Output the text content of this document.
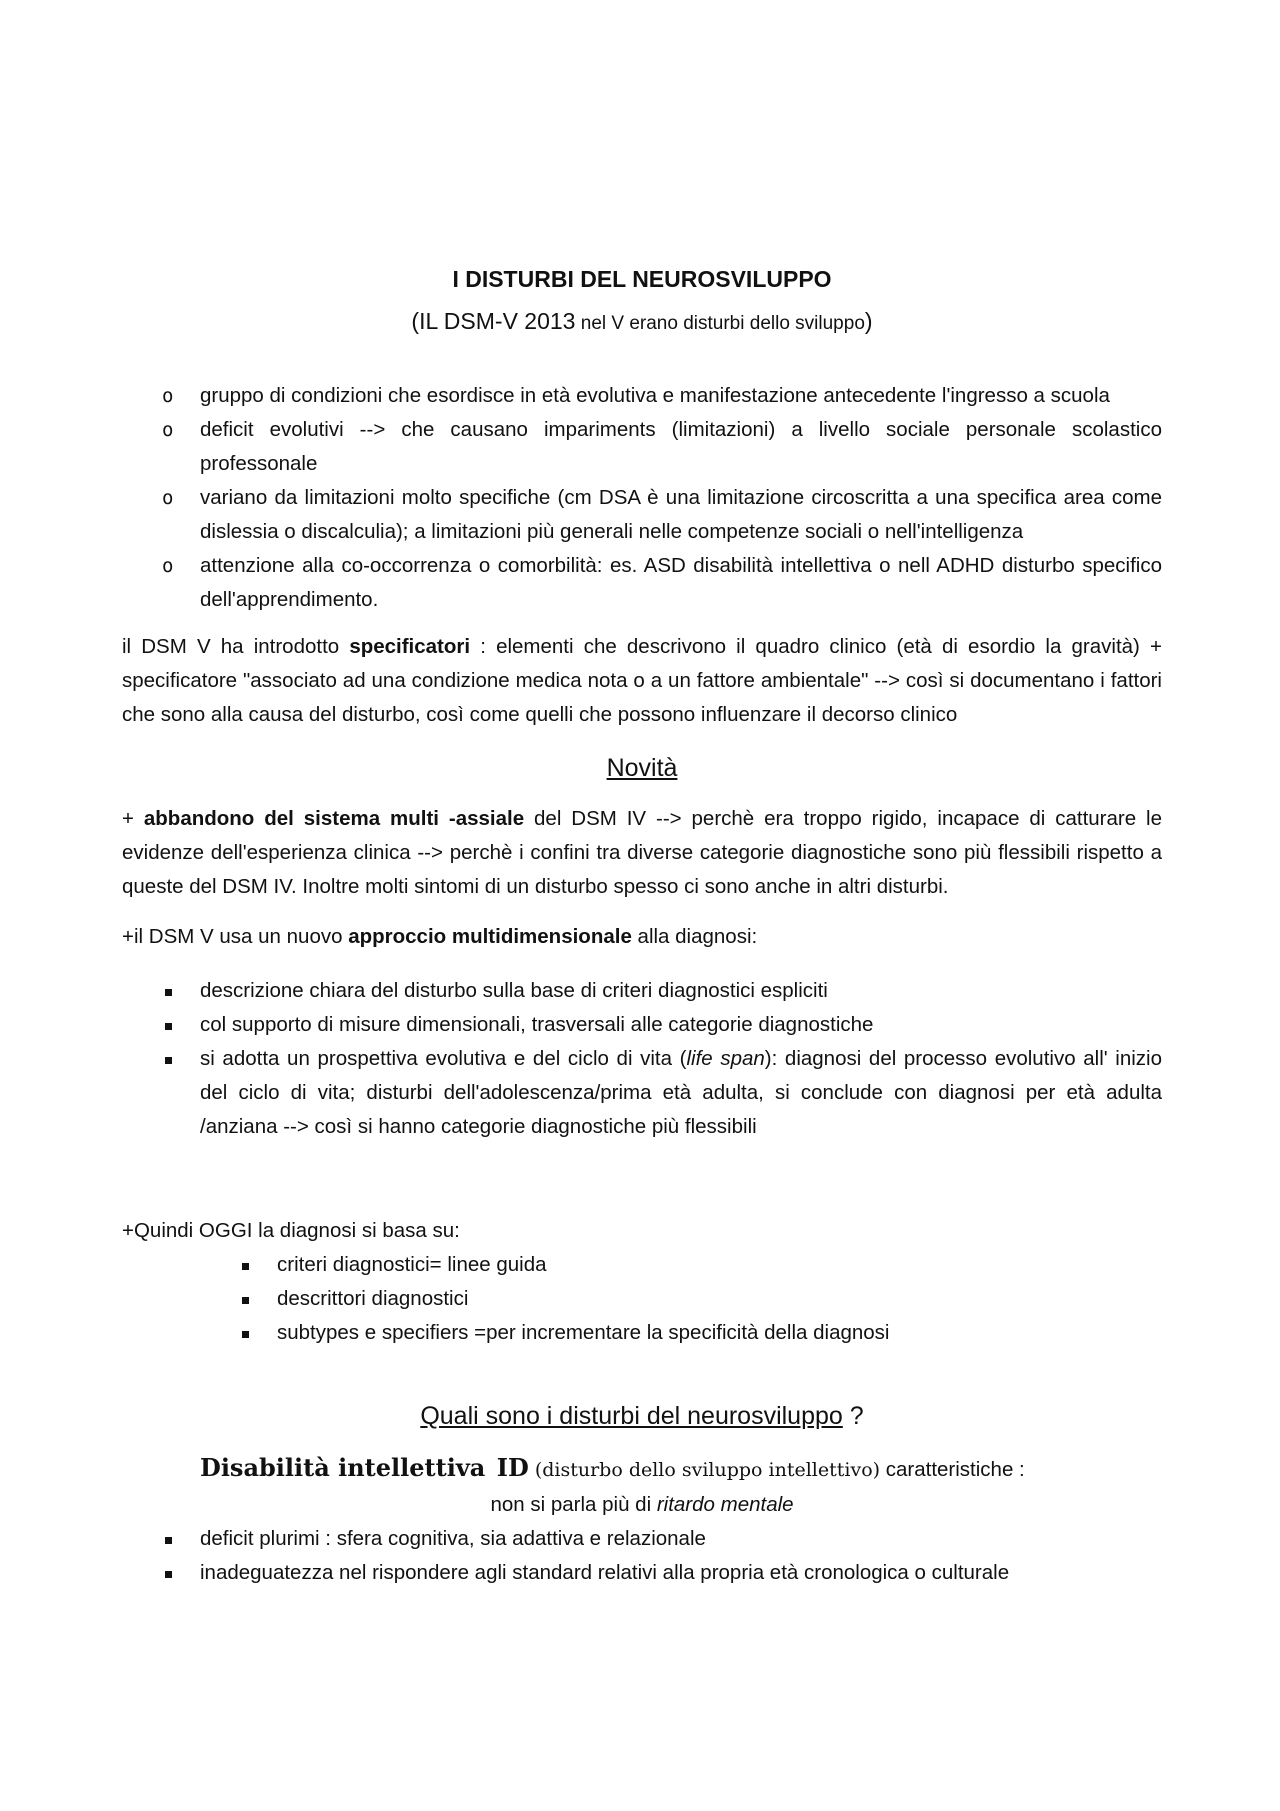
I DISTURBI DEL NEUROSVILUPPO

(IL DSM-V 2013 nel V erano disturbi dello sviluppo)

o gruppo di condizioni che esordisce in età evolutiva e manifestazione antecedente l'ingresso a scuola
o deficit evolutivi --> che causano impariments (limitazioni) a livello sociale personale scolastico professonale
o variano da limitazioni molto specifiche (cm DSA è una limitazione circoscritta a una specifica area come dislessia o discalculia); a limitazioni più generali nelle competenze sociali o nell'intelligenza
o attenzione alla co-occorrenza o comorbilità: es. ASD disabilità intellettiva o nell ADHD disturbo specifico dell'apprendimento.

il DSM V ha introdotto specificatori : elementi che descrivono il quadro clinico (età di esordio la gravità) + specificatore "associato ad una condizione medica nota o a un fattore ambientale" --> così si documentano i fattori che sono alla causa del disturbo, così come quelli che possono influenzare il decorso clinico

Novità

+ abbandono del sistema multi -assiale del DSM IV --> perchè era troppo rigido, incapace di catturare le evidenze dell'esperienza clinica --> perchè i confini tra diverse categorie diagnostiche sono più flessibili rispetto a queste del DSM IV. Inoltre molti sintomi di un disturbo spesso ci sono anche in altri disturbi.

+il DSM V usa un nuovo approccio multidimensionale alla diagnosi:

descrizione chiara del disturbo sulla base di criteri diagnostici espliciti
col supporto di misure dimensionali, trasversali alle categorie diagnostiche
si adotta un prospettiva evolutiva e del ciclo di vita (life span): diagnosi del processo evolutivo all' inizio del ciclo di vita; disturbi dell'adolescenza/prima età adulta, si conclude con diagnosi per età adulta /anziana --> così si hanno categorie diagnostiche più flessibili

+Quindi OGGI la diagnosi si basa su:

criteri diagnostici= linee guida
descrittori diagnostici
subtypes e specifiers =per incrementare la specificità della diagnosi
Quali sono i disturbi del neurosviluppo ?
Disabilità intellettiva ID (disturbo dello sviluppo intellettivo) caratteristiche :

non si parla più di ritardo mentale

deficit plurimi : sfera cognitiva, sia adattiva e relazionale
inadeguatezza nel rispondere agli standard relativi alla propria età cronologica o culturale
